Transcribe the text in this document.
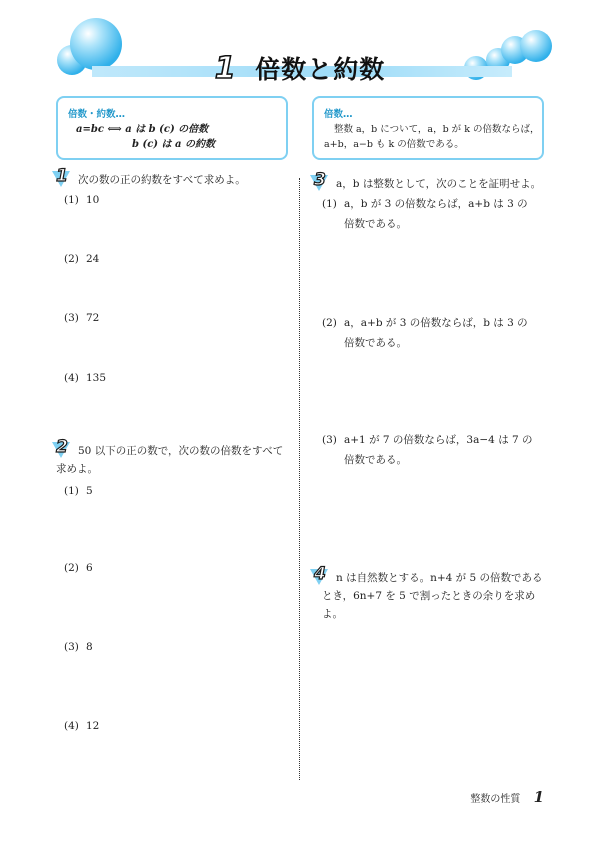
1 倍数と約数
倍数・約数…
a=bc ⟺ a は b (c) の倍数
b (c) は a の約数
倍数…
整数 a，b について，a，b が k の倍数ならば，
a+b，a−b も k の倍数である。
1 次の数の正の約数をすべて求めよ。
(1) 10
(2) 24
(3) 72
(4) 135
2 50 以下の正の数で，次の数の倍数をすべて
求めよ。
(1) 5
(2) 6
(3) 8
(4) 12
3 a，b は整数として，次のことを証明せよ。
(1) a，b が 3 の倍数ならば，a+b は 3 の
倍数である。
(2) a，a+b が 3 の倍数ならば，b は 3 の
倍数である。
(3) a+1 が 7 の倍数ならば，3a−4 は 7 の
倍数である。
4 n は自然数とする。n+4 が 5 の倍数である
とき，6n+7 を 5 で割ったときの余りを求め
よ。
整数の性質 1
